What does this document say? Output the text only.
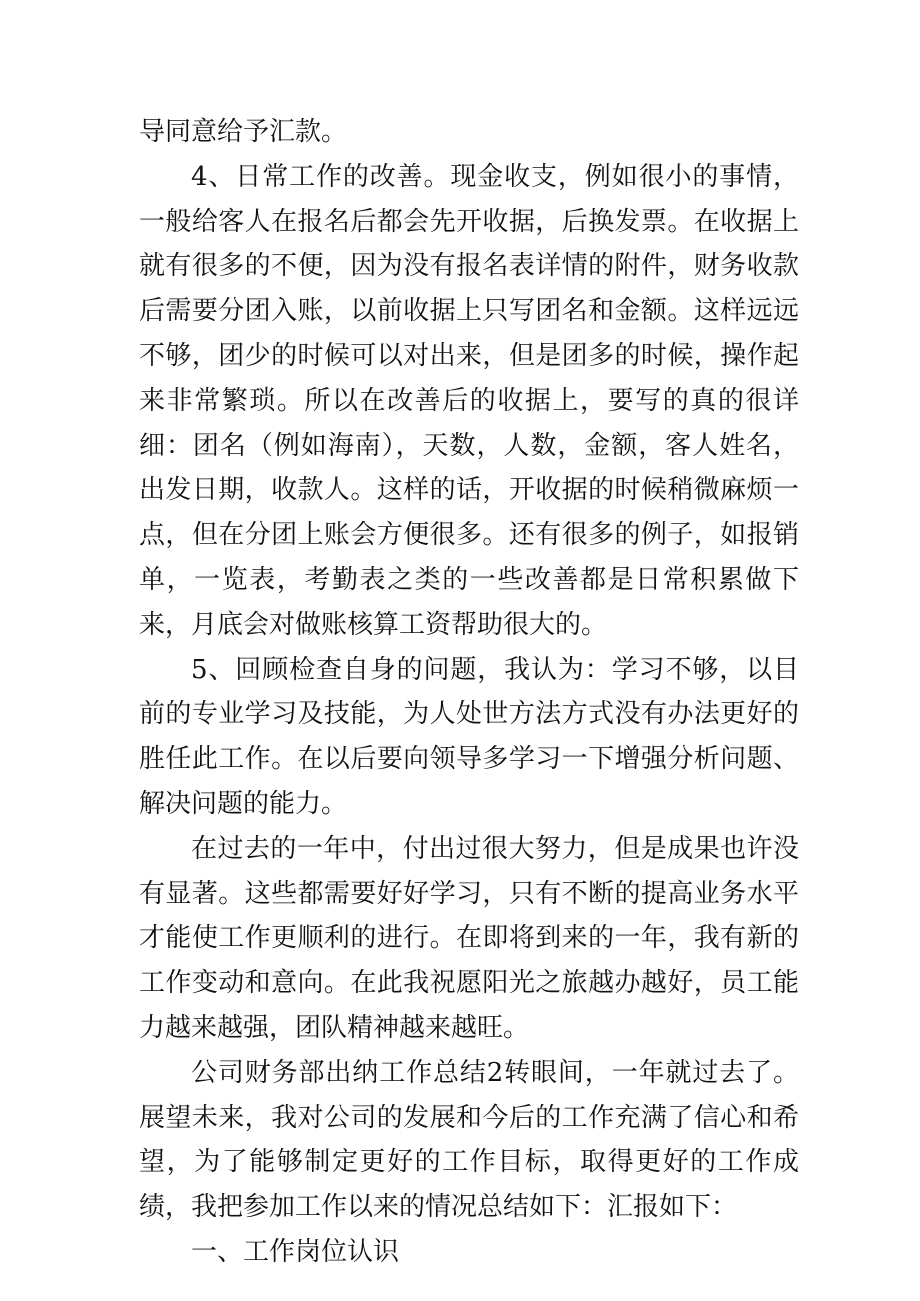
导同意给予汇款。

4、日常工作的改善。现金收支，例如很小的事情，一般给客人在报名后都会先开收据，后换发票。在收据上就有很多的不便，因为没有报名表详情的附件，财务收款后需要分团入账，以前收据上只写团名和金额。这样远远不够，团少的时候可以对出来，但是团多的时候，操作起来非常繁琐。所以在改善后的收据上，要写的真的很详细：团名（例如海南），天数，人数，金额，客人姓名，出发日期，收款人。这样的话，开收据的时候稍微麻烦一点，但在分团上账会方便很多。还有很多的例子，如报销单，一览表，考勤表之类的一些改善都是日常积累做下来，月底会对做账核算工资帮助很大的。

5、回顾检查自身的问题，我认为：学习不够，以目前的专业学习及技能，为人处世方法方式没有办法更好的胜任此工作。在以后要向领导多学习一下增强分析问题、解决问题的能力。

在过去的一年中，付出过很大努力，但是成果也许没有显著。这些都需要好好学习，只有不断的提高业务水平才能使工作更顺利的进行。在即将到来的一年，我有新的工作变动和意向。在此我祝愿阳光之旅越办越好，员工能力越来越强，团队精神越来越旺。

公司财务部出纳工作总结2转眼间，一年就过去了。展望未来，我对公司的发展和今后的工作充满了信心和希望，为了能够制定更好的工作目标，取得更好的工作成绩，我把参加工作以来的情况总结如下：汇报如下：

一、工作岗位认识
